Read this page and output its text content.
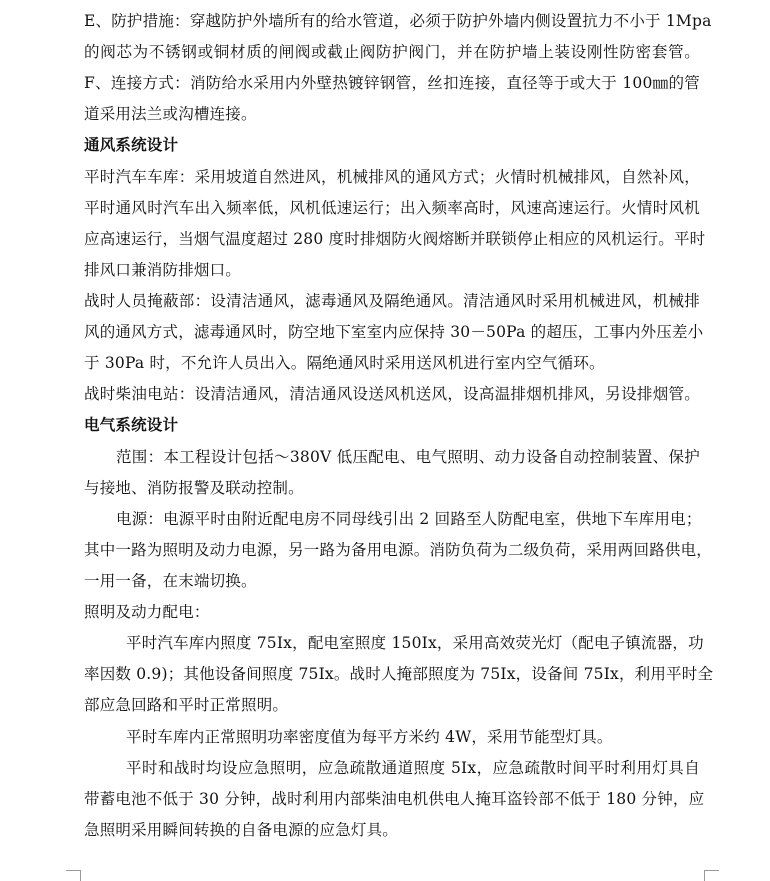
E、防护措施：穿越防护外墙所有的给水管道，必须于防护外墙内侧设置抗力不小于 1Mpa
的阀芯为不锈钢或铜材质的闸阀或截止阀防护阀门，并在防护墙上装设刚性防密套管。
F、连接方式：消防给水采用内外壁热镀锌钢管，丝扣连接，直径等于或大于 100㎜的管
道采用法兰或沟槽连接。
通风系统设计
平时汽车车库：采用坡道自然进风，机械排风的通风方式；火情时机械排风，自然补风，
平时通风时汽车出入频率低，风机低速运行；出入频率高时，风速高速运行。火情时风机
应高速运行，当烟气温度超过 280 度时排烟防火阀熔断并联锁停止相应的风机运行。平时
排风口兼消防排烟口。
战时人员掩蔽部：设清洁通风，滤毒通风及隔绝通风。清洁通风时采用机械进风，机械排
风的通风方式，滤毒通风时，防空地下室室内应保持 30－50Pa 的超压，工事内外压差小
于 30Pa 时，不允许人员出入。隔绝通风时采用送风机进行室内空气循环。
战时柴油电站：设清洁通风，清洁通风设送风机送风，设高温排烟机排风，另设排烟管。
电气系统设计
范围：本工程设计包括～380V 低压配电、电气照明、动力设备自动控制装置、保护
与接地、消防报警及联动控制。
电源：电源平时由附近配电房不同母线引出 2 回路至人防配电室，供地下车库用电；
其中一路为照明及动力电源，另一路为备用电源。消防负荷为二级负荷，采用两回路供电，
一用一备，在末端切换。
照明及动力配电：
平时汽车库内照度 75Ix，配电室照度 150Ix，采用高效荧光灯（配电子镇流器，功
率因数 0.9)；其他设备间照度 75Ix。战时人掩部照度为 75Ix，设备间 75Ix，利用平时全
部应急回路和平时正常照明。
平时车库内正常照明功率密度值为每平方米约 4W，采用节能型灯具。
平时和战时均设应急照明，应急疏散通道照度 5Ix，应急疏散时间平时利用灯具自
带蓄电池不低于 30 分钟，战时利用内部柴油电机供电人掩耳盗铃部不低于 180 分钟，应
急照明采用瞬间转换的自备电源的应急灯具。
